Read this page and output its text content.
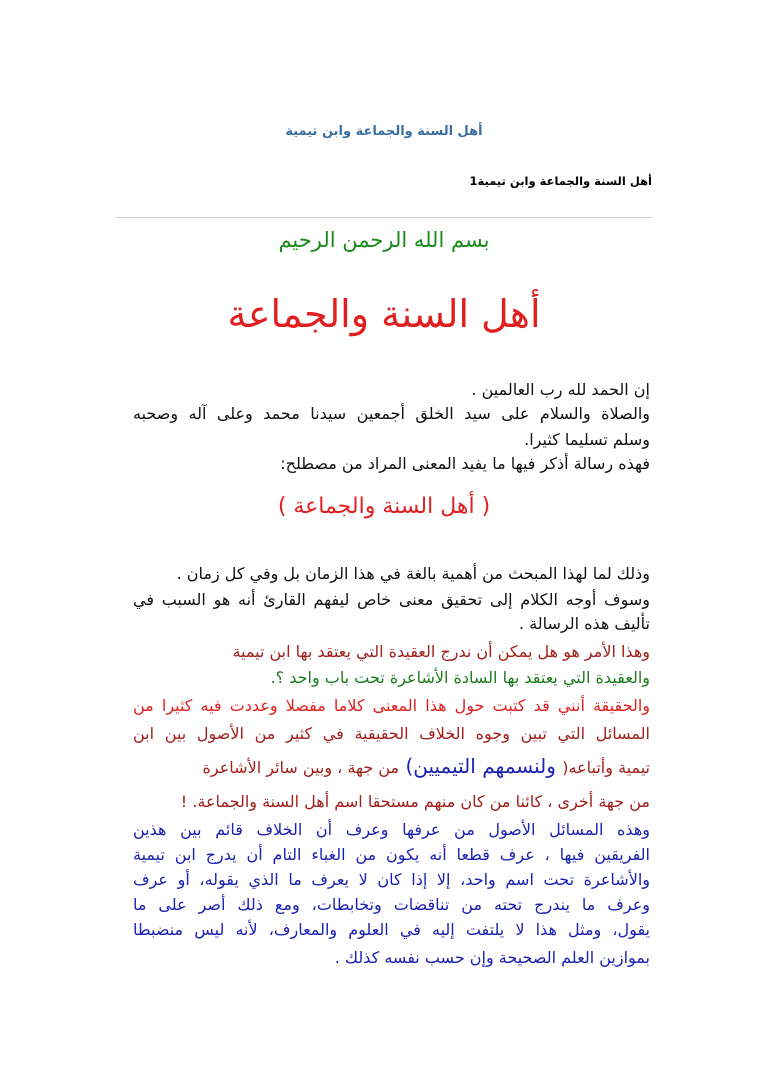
أهل السنة والجماعة وابن تيمية
أهل السنة والجماعة وابن تيمية1
بسم الله الرحمن الرحيم
أهل السنة والجماعة
إن الحمد لله رب العالمين .
والصلاة والسلام على سيد الخلق أجمعين سيدنا محمد وعلى آله وصحبه
وسلم تسليما كثيرا.
فهذه رسالة أذكر فيها ما يفيد المعنى المراد من مصطلح:
( أهل السنة والجماعة )
وذلك لما لهذا المبحث من أهمية بالغة في هذا الزمان بل وفي كل زمان .
وسوف أوجه الكلام إلى تحقيق معنى خاص ليفهم القارئ أنه هو السبب في
تأليف هذه الرسالة .
وهذا الأمر هو هل يمكن أن ندرج العقيدة التي يعتقد بها ابن تيمية
والعقيدة التي يعتقد بها السادة الأشاعرة تحت باب واحد ؟.
والحقيقة أنني قد كتبت حول هذا المعنى كلاما مفصلا وعددت فيه كثيرا من
المسائل التي تبين وجوه الخلاف الحقيقية في كثير من الأصول بين ابن
تيمية وأتباعه( ولنسمهم التيميين) من جهة ، وبين سائر الأشاعرة
من جهة أخرى ، كائنا من كان منهم مستحقا اسم أهل السنة والجماعة. !
وهذه المسائل الأصول من عرفها وعرف أن الخلاف قائم بين هذين
الفريقين فيها ، عرف قطعا أنه يكون من الغباء التام أن يدرج ابن تيمية
والأشاعرة تحت اسم واحد، إلا إذا كان لا يعرف ما الذي يقوله، أو عرف
وعرف ما يندرج تحته من تناقضات وتخابطات، ومع ذلك أصر على ما
يقول، ومثل هذا لا يلتفت إليه في العلوم والمعارف، لأنه ليس منضبطا
بموازين العلم الصحيحة وإن حسب نفسه كذلك .
